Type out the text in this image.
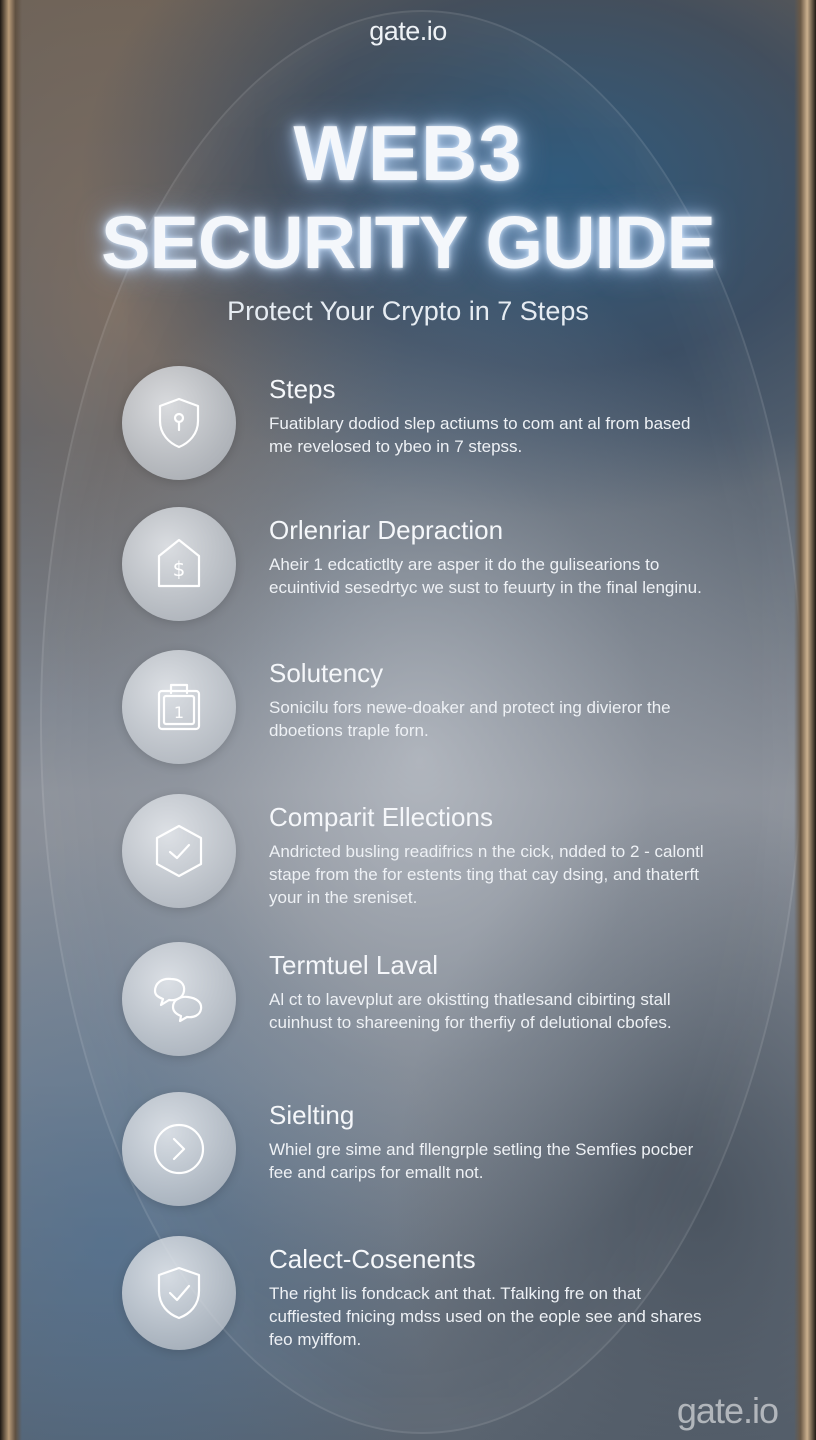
gate.io
WEB3
SECURITY GUIDE
Protect Your Crypto in 7 Steps
Steps
Fuatiblary dodiod slep actiums to com ant al from based me revelosed to ybeo in 7 stepss.
$
Orlenriar Depraction
Aheir 1 edcatictlty are asper it do the gulisearions to ecuintivid sesedrtyc we sust to feuurty in the final lenginu.
1
Solutency
Sonicilu fors newe-doaker and protect ing divieror the dboetions traple forn.
Comparit Ellections
Andricted busling readifrics n the cick, ndded to 2 - calontl stape from the for estents ting that cay dsing, and thaterft your in the sreniset.
Termtuel Laval
Al ct to lavevplut are okistting thatlesand cibirting stall cuinhust to shareening for therfiy of delutional cbofes.
Sielting
Whiel gre sime and fllengrple setling the Semfies pocber fee and carips for emallt not.
Calect-Cosenents
The right lis fondcack ant that. Tfalking fre on that cuffiested fnicing mdss used on the eople see and shares feo myiffom.
gate.io
